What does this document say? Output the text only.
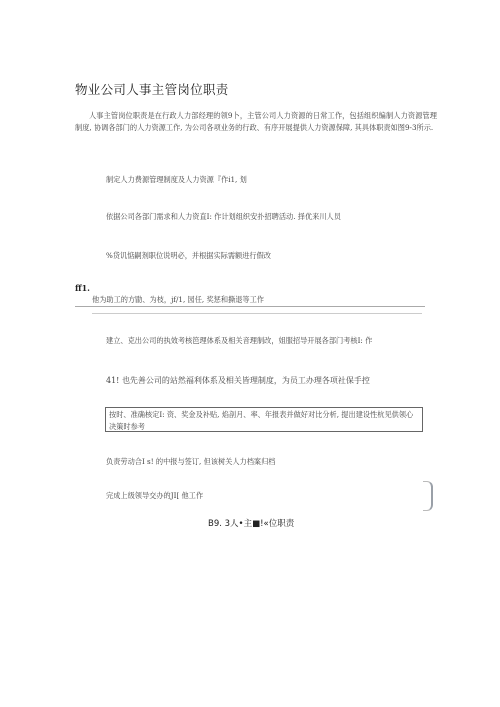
物业公司人事主管岗位职责
人事主管岗位职责是在行政人力部经理的领9卜，主管公司人力资源的日常工作，包括组织编制人力资源管理制度, 协调各部门的人力资源工作, 为公司各项业务的行政、有序开展提供人力资源保障, 其具体职责如图9-3所示.
制定人力费源管理制度及人力资源『作i1, 划
依据公司各部门需求和人力资直I: 作计划组织安扑招聘活动. 择优来川人员
%货讥惦嗣剂职位说明必，并根据实际需额进行假改
ff1.
他为助工的方勖、为枝，jf/1, 园任, 奖惩和撕退等工作
建立、克出公司的执效考核笆理体系及相关音理制改，姐服招导开展各部门考核I: 作
41! 也先善公司的站然福利体系及相关皆理制度，为员工办理各项社保手控
按时、准确核定I: 资、奖金及补贴, 焰剖月、率、年报表并做好对比分析, 提出建设性杭见供领心决策时参考
负责劳动合I s! 的中报与签订, 但该树关人力档案归档
完成上级领导交办的JI[ 他工作
B9. 3人•主■!«位职责
